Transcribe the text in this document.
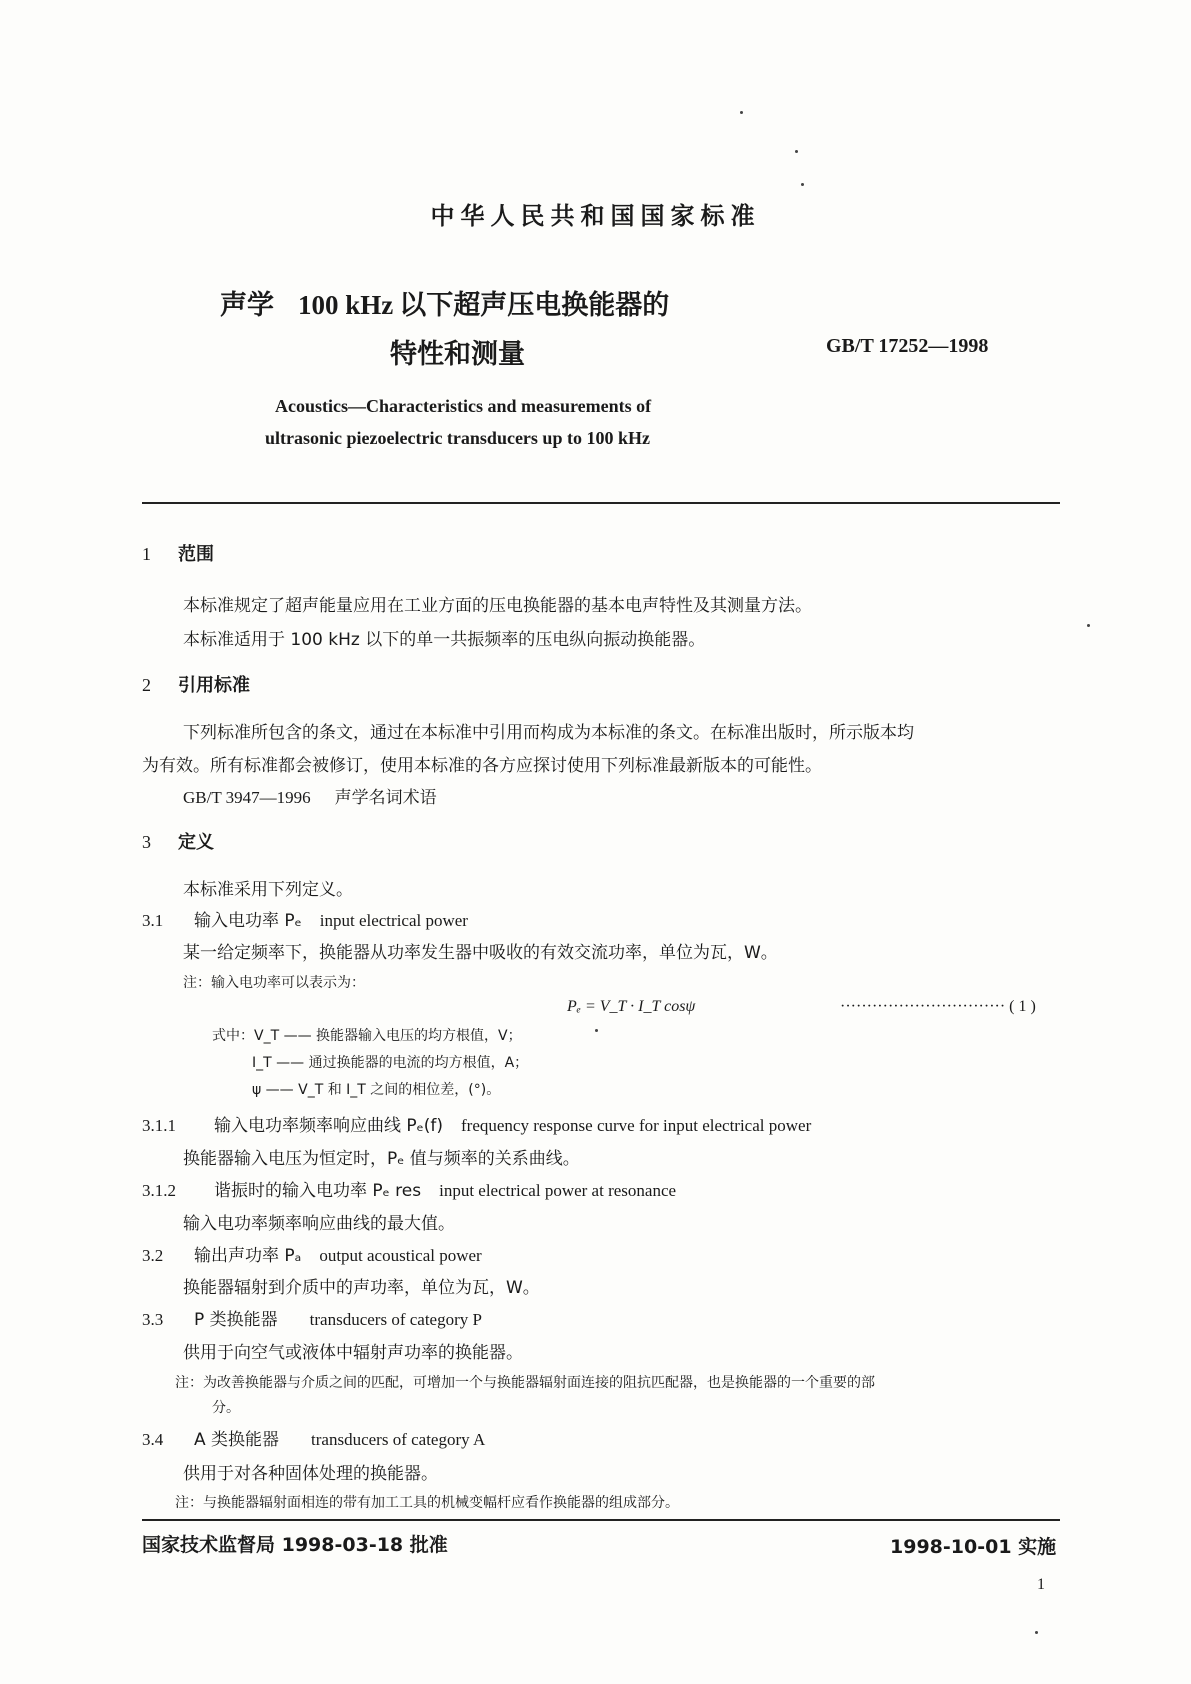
中华人民共和国国家标准
声学 100 kHz 以下超声压电换能器的
特性和测量	GB/T 17252—1998
Acoustics—Characteristics and measurements of
ultrasonic piezoelectric transducers up to 100 kHz
1 范围
本标准规定了超声能量应用在工业方面的压电换能器的基本电声特性及其测量方法。
本标准适用于 100 kHz 以下的单一共振频率的压电纵向振动换能器。
2 引用标准
下列标准所包含的条文，通过在本标准中引用而构成为本标准的条文。在标准出版时，所示版本均
为有效。所有标准都会被修订，使用本标准的各方应探讨使用下列标准最新版本的可能性。
GB/T 3947—1996 声学名词术语
3 定义
本标准采用下列定义。
3.1 输入电功率 Pₑ input electrical power
某一给定频率下，换能器从功率发生器中吸收的有效交流功率，单位为瓦，W。
注：输入电功率可以表示为：
Pₑ = V_T · I_T cosψ	······························· ( 1 )
式中：V_T —— 换能器输入电压的均方根值，V；
I_T —— 通过换能器的电流的均方根值，A；
ψ —— V_T 和 I_T 之间的相位差，(°)。
3.1.1 输入电功率频率响应曲线 Pₑ(f) frequency response curve for input electrical power
换能器输入电压为恒定时，Pₑ 值与频率的关系曲线。
3.1.2 谐振时的输入电功率 Pₑ res input electrical power at resonance
输入电功率频率响应曲线的最大值。
3.2 输出声功率 Pₐ output acoustical power
换能器辐射到介质中的声功率，单位为瓦，W。
3.3 P 类换能器 transducers of category P
供用于向空气或液体中辐射声功率的换能器。
注：为改善换能器与介质之间的匹配，可增加一个与换能器辐射面连接的阻抗匹配器，也是换能器的一个重要的部
分。
3.4 A 类换能器 transducers of category A
供用于对各种固体处理的换能器。
注：与换能器辐射面相连的带有加工工具的机械变幅杆应看作换能器的组成部分。
国家技术监督局 1998-03-18 批准	1998-10-01 实施
1
